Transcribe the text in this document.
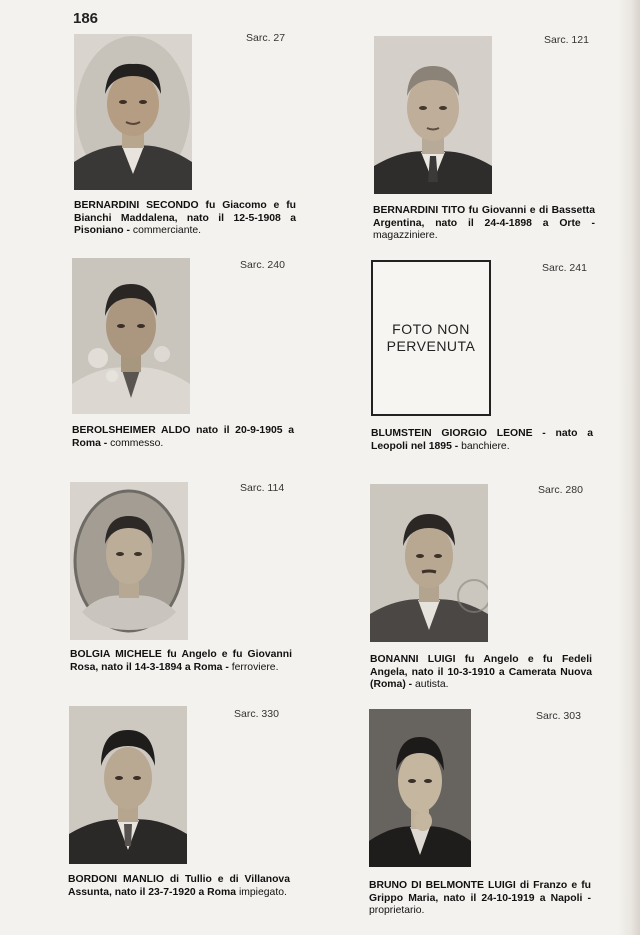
186
Sarc. 27
BERNARDINI SECONDO fu Giacomo e fu Bianchi Maddalena, nato il 12-5-1908 a Pisoniano - commerciante.
Sarc. 121
BERNARDINI TITO fu Giovanni e di Bassetta Argentina, nato il 24-4-1898 a Orte - magazziniere.
Sarc. 240
BEROLSHEIMER ALDO nato il 20-9-1905 a Roma - commesso.
Sarc. 241
FOTO NON
PERVENUTA
BLUMSTEIN GIORGIO LEONE - nato a Leopoli nel 1895 - banchiere.
Sarc. 114
BOLGIA MICHELE fu Angelo e fu Giovanni Rosa, nato il 14-3-1894 a Roma - ferroviere.
Sarc. 280
BONANNI LUIGI fu Angelo e fu Fedeli Angela, nato il 10-3-1910 a Camerata Nuova (Roma) - autista.
Sarc. 330
BORDONI MANLIO di Tullio e di Villanova Assunta, nato il 23-7-1920 a Roma impiegato.
Sarc. 303
BRUNO DI BELMONTE LUIGI di Franzo e fu Grippo Maria, nato il 24-10-1919 a Napoli - proprietario.
